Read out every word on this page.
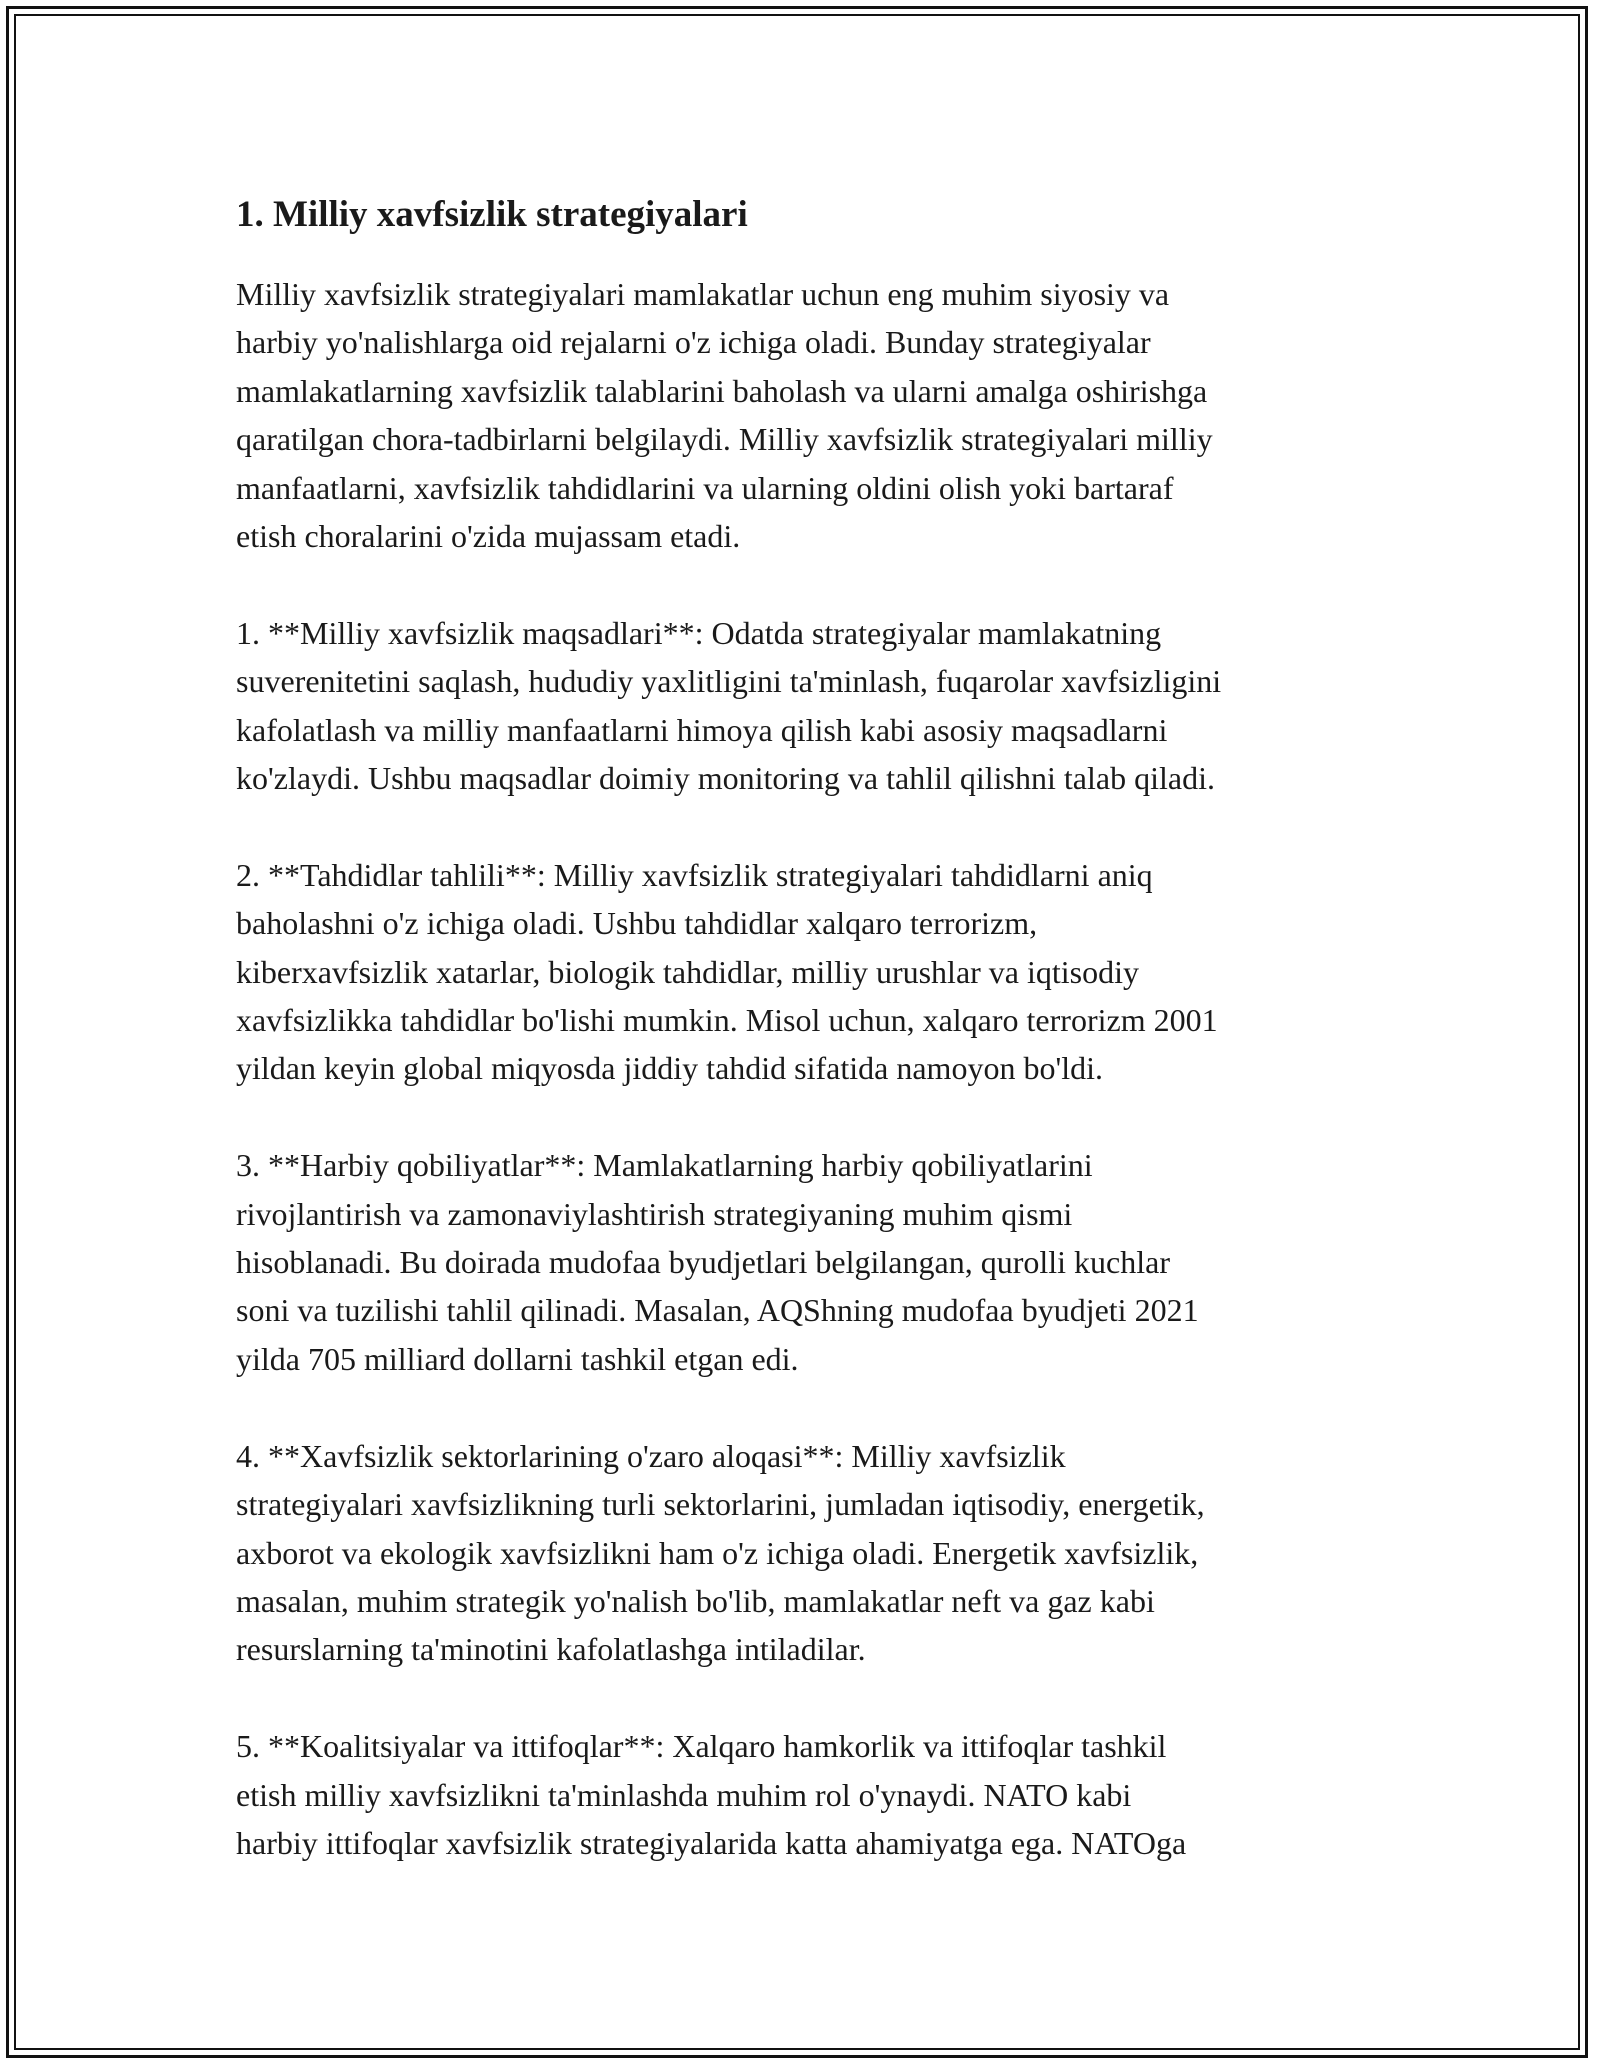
1. Milliy xavfsizlik strategiyalari

Milliy xavfsizlik strategiyalari mamlakatlar uchun eng muhim siyosiy va
harbiy yo'nalishlarga oid rejalarni o'z ichiga oladi. Bunday strategiyalar
mamlakatlarning xavfsizlik talablarini baholash va ularni amalga oshirishga
qaratilgan chora-tadbirlarni belgilaydi. Milliy xavfsizlik strategiyalari milliy
manfaatlarni, xavfsizlik tahdidlarini va ularning oldini olish yoki bartaraf
etish choralarini o'zida mujassam etadi.

1. **Milliy xavfsizlik maqsadlari**: Odatda strategiyalar mamlakatning
suverenitetini saqlash, hududiy yaxlitligini ta'minlash, fuqarolar xavfsizligini
kafolatlash va milliy manfaatlarni himoya qilish kabi asosiy maqsadlarni
ko'zlaydi. Ushbu maqsadlar doimiy monitoring va tahlil qilishni talab qiladi.

2. **Tahdidlar tahlili**: Milliy xavfsizlik strategiyalari tahdidlarni aniq
baholashni o'z ichiga oladi. Ushbu tahdidlar xalqaro terrorizm,
kiberxavfsizlik xatarlar, biologik tahdidlar, milliy urushlar va iqtisodiy
xavfsizlikka tahdidlar bo'lishi mumkin. Misol uchun, xalqaro terrorizm 2001
yildan keyin global miqyosda jiddiy tahdid sifatida namoyon bo'ldi.

3. **Harbiy qobiliyatlar**: Mamlakatlarning harbiy qobiliyatlarini
rivojlantirish va zamonaviylashtirish strategiyaning muhim qismi
hisoblanadi. Bu doirada mudofaa byudjetlari belgilangan, qurolli kuchlar
soni va tuzilishi tahlil qilinadi. Masalan, AQShning mudofaa byudjeti 2021
yilda 705 milliard dollarni tashkil etgan edi.

4. **Xavfsizlik sektorlarining o'zaro aloqasi**: Milliy xavfsizlik
strategiyalari xavfsizlikning turli sektorlarini, jumladan iqtisodiy, energetik,
axborot va ekologik xavfsizlikni ham o'z ichiga oladi. Energetik xavfsizlik,
masalan, muhim strategik yo'nalish bo'lib, mamlakatlar neft va gaz kabi
resurslarning ta'minotini kafolatlashga intiladilar.

5. **Koalitsiyalar va ittifoqlar**: Xalqaro hamkorlik va ittifoqlar tashkil
etish milliy xavfsizlikni ta'minlashda muhim rol o'ynaydi. NATO kabi
harbiy ittifoqlar xavfsizlik strategiyalarida katta ahamiyatga ega. NATOga
